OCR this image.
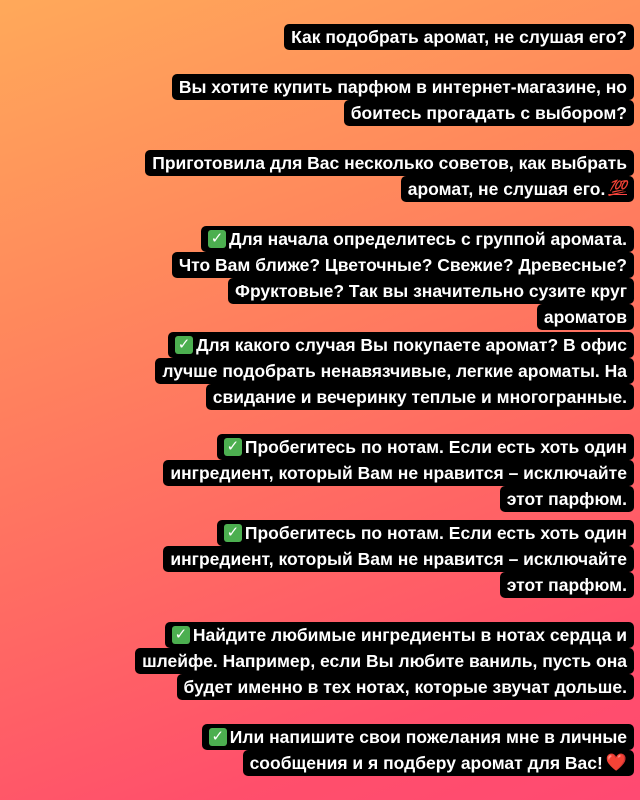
Как подобрать аромат, не слушая его?
Вы хотите купить парфюм в интернет-магазине, но
боитесь прогадать с выбором?
Приготовила для Вас несколько советов, как выбрать
аромат, не слушая его. 💯
✓ Для начала определитесь с группой аромата.
Что Вам ближе? Цветочные? Свежие? Древесные?
Фруктовые? Так вы значительно сузите круг
ароматов
✓ Для какого случая Вы покупаете аромат? В офис
лучше подобрать ненавязчивые, легкие ароматы. На
свидание и вечеринку теплые и многогранные.
✓ Пробегитесь по нотам. Если есть хоть один
ингредиент, который Вам не нравится – исключайте
этот парфюм.
✓ Пробегитесь по нотам. Если есть хоть один
ингредиент, который Вам не нравится – исключайте
этот парфюм.
✓ Найдите любимые ингредиенты в нотах сердца и
шлейфе. Например, если Вы любите ваниль, пусть она
будет именно в тех нотах, которые звучат дольше.
✓ Или напишите свои пожелания мне в личные
сообщения и я подберу аромат для Вас! ❤️
